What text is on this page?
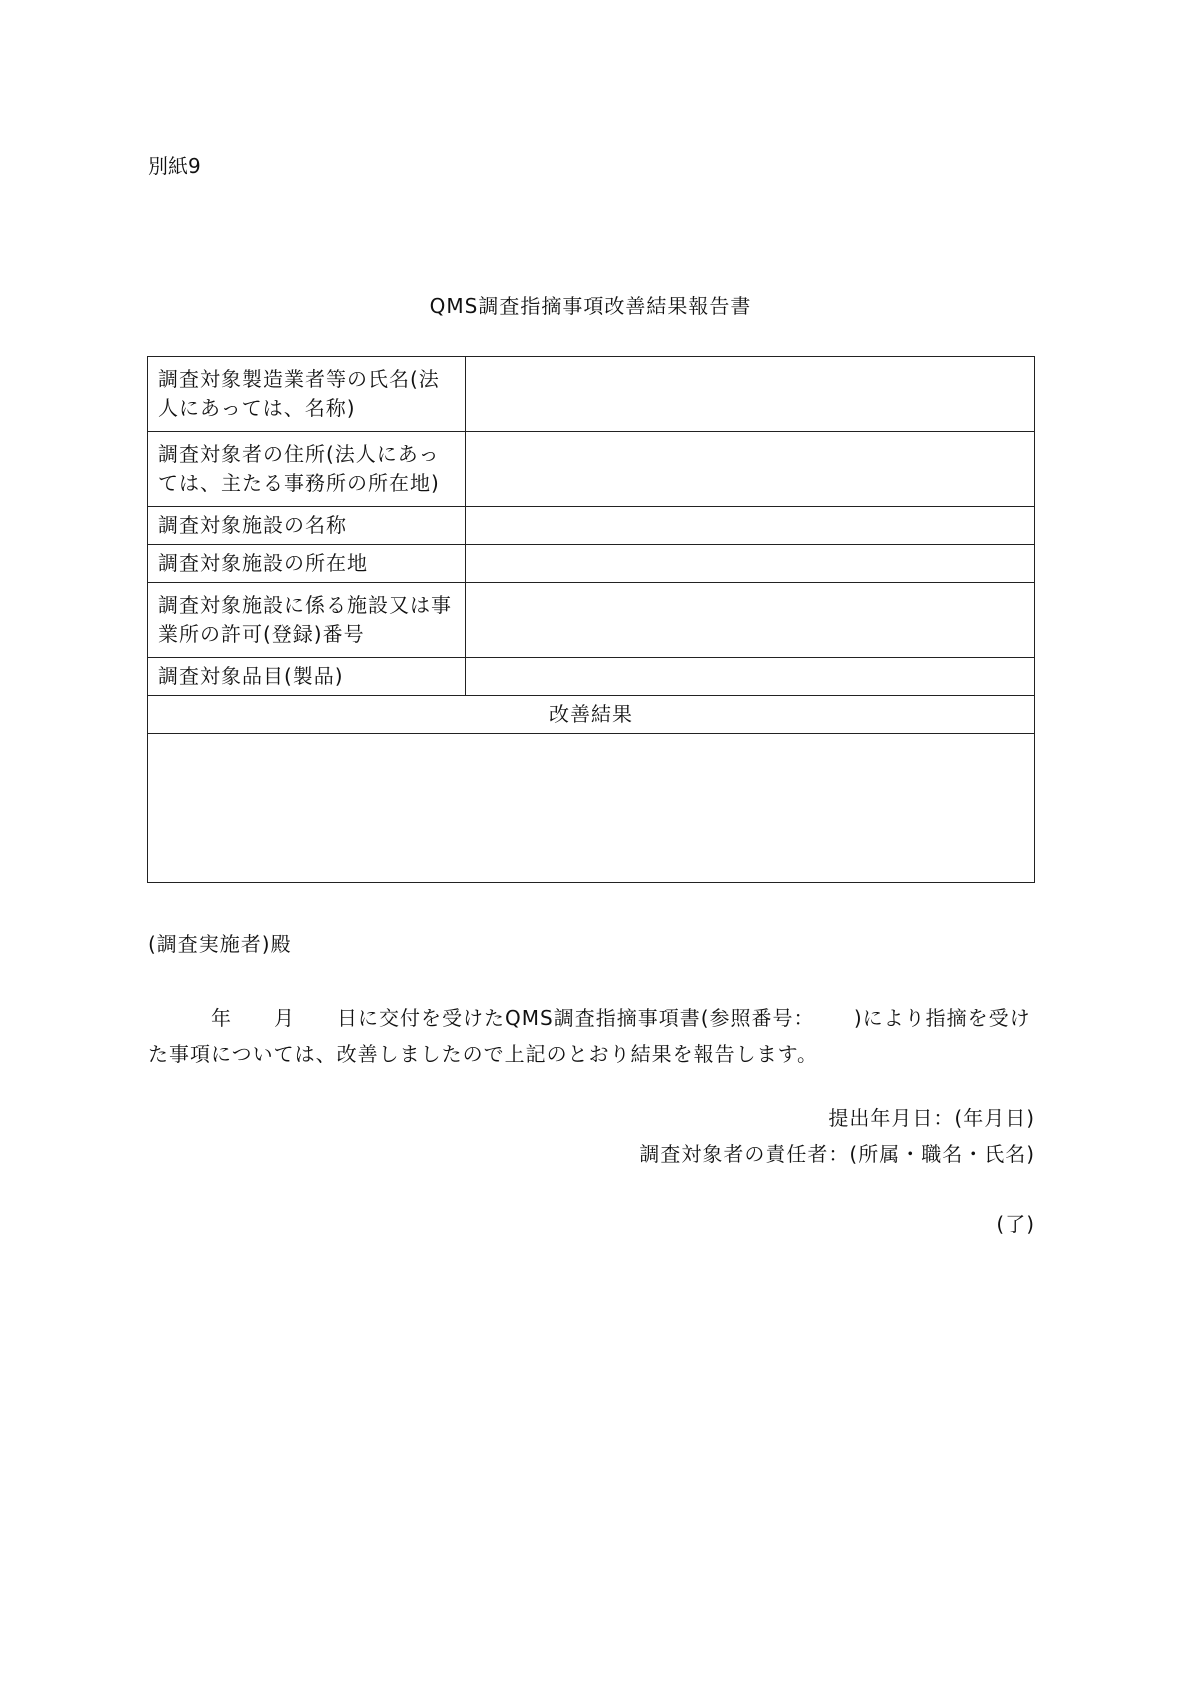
別紙9
QMS調査指摘事項改善結果報告書
調査対象製造業者等の氏名(法人にあっては、名称)	
調査対象者の住所(法人にあっては、主たる事務所の所在地)	
調査対象施設の名称	
調査対象施設の所在地	
調査対象施設に係る施設又は事業所の許可(登録)番号	
調査対象品目(製品)	
改善結果	

(調査実施者)殿
　　　年　　月　　日に交付を受けたQMS調査指摘事項書(参照番号：　　 )により指摘を受け
た事項については、改善しましたので上記のとおり結果を報告します。
提出年月日：(年月日)
調査対象者の責任者：(所属・職名・氏名)
(了)
